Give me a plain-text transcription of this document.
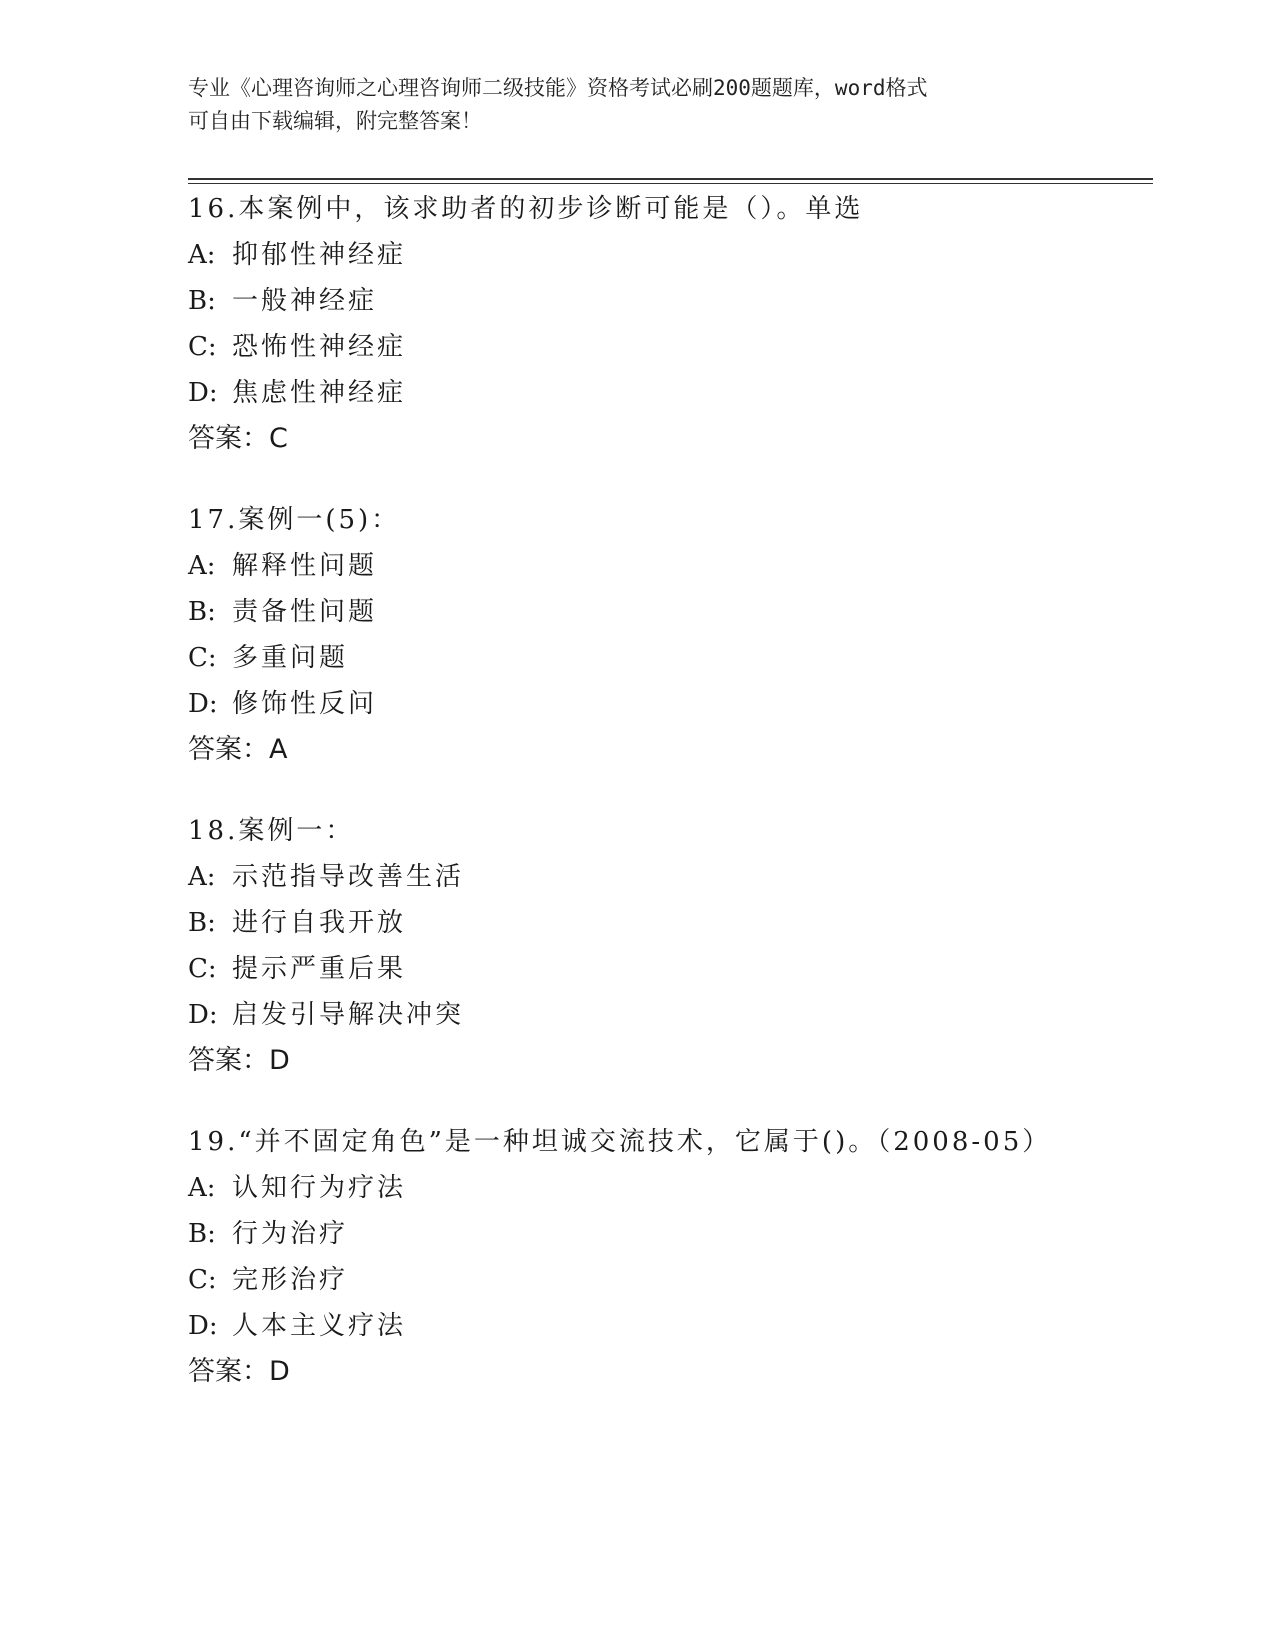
专业《心理咨询师之心理咨询师二级技能》资格考试必刷200题题库，word格式
可自由下载编辑，附完整答案！
16.本案例中，该求助者的初步诊断可能是（）。单选
A: 抑郁性神经症
B: 一般神经症
C: 恐怖性神经症
D: 焦虑性神经症
答案：C
17.案例一(5)：
A: 解释性问题
B: 责备性问题
C: 多重问题
D: 修饰性反问
答案：A
18.案例一：
A: 示范指导改善生活
B: 进行自我开放
C: 提示严重后果
D: 启发引导解决冲突
答案：D
19.“并不固定角色”是一种坦诚交流技术，它属于()。（2008-05）
A: 认知行为疗法
B: 行为治疗
C: 完形治疗
D: 人本主义疗法
答案：D
